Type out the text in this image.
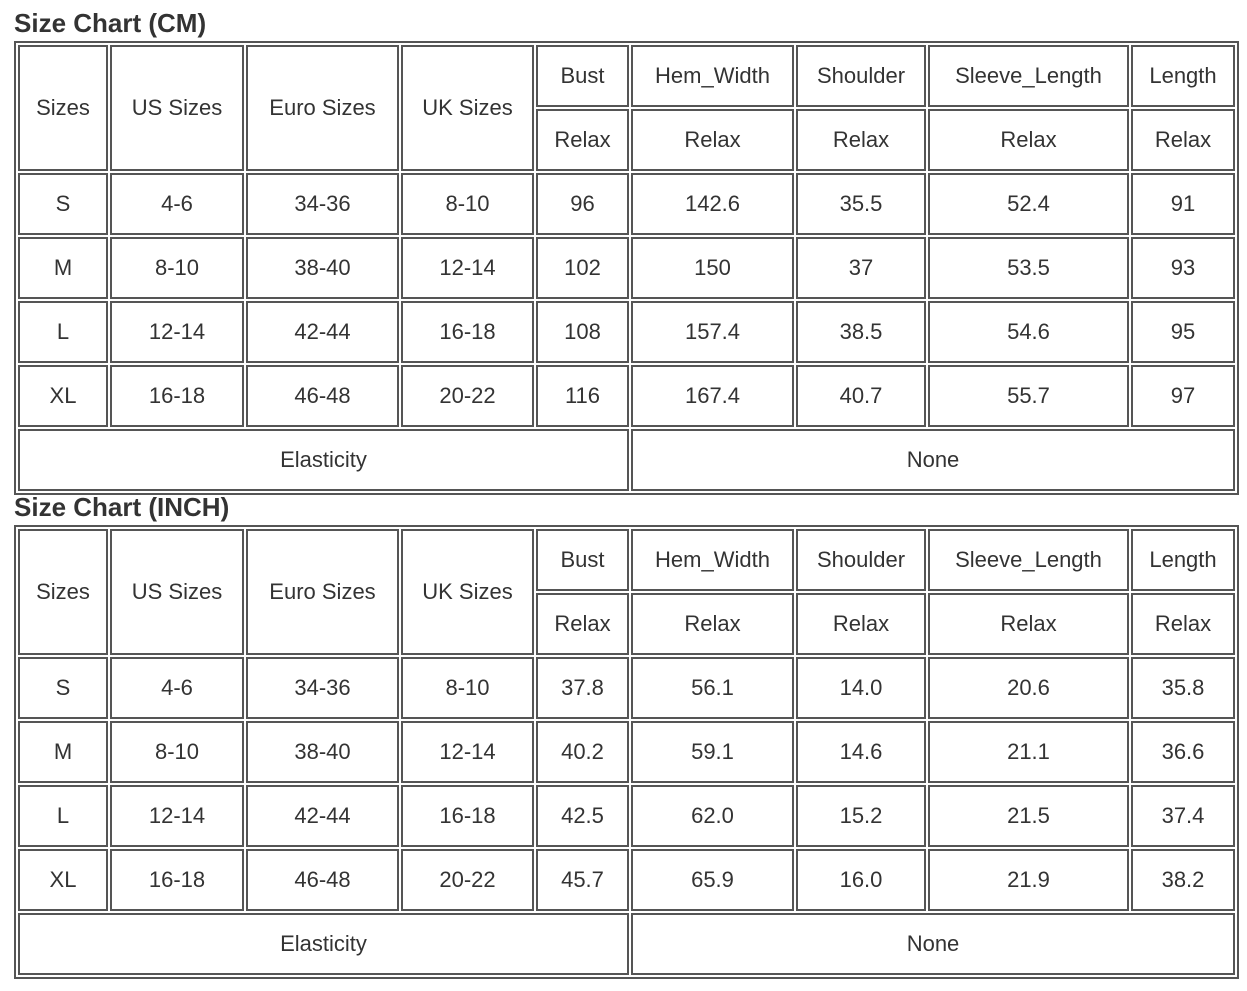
Size Chart (CM)
Sizes	US Sizes	Euro Sizes	UK Sizes	Bust	Hem_Width	Shoulder	Sleeve_Length	Length
				Relax	Relax	Relax	Relax	Relax
S	4-6	34-36	8-10	96	142.6	35.5	52.4	91
M	8-10	38-40	12-14	102	150	37	53.5	93
L	12-14	42-44	16-18	108	157.4	38.5	54.6	95
XL	16-18	46-48	20-22	116	167.4	40.7	55.7	97
Elasticity					None			
Size Chart (INCH)
Sizes	US Sizes	Euro Sizes	UK Sizes	Bust	Hem_Width	Shoulder	Sleeve_Length	Length
				Relax	Relax	Relax	Relax	Relax
S	4-6	34-36	8-10	37.8	56.1	14.0	20.6	35.8
M	8-10	38-40	12-14	40.2	59.1	14.6	21.1	36.6
L	12-14	42-44	16-18	42.5	62.0	15.2	21.5	37.4
XL	16-18	46-48	20-22	45.7	65.9	16.0	21.9	38.2
Elasticity					None			
